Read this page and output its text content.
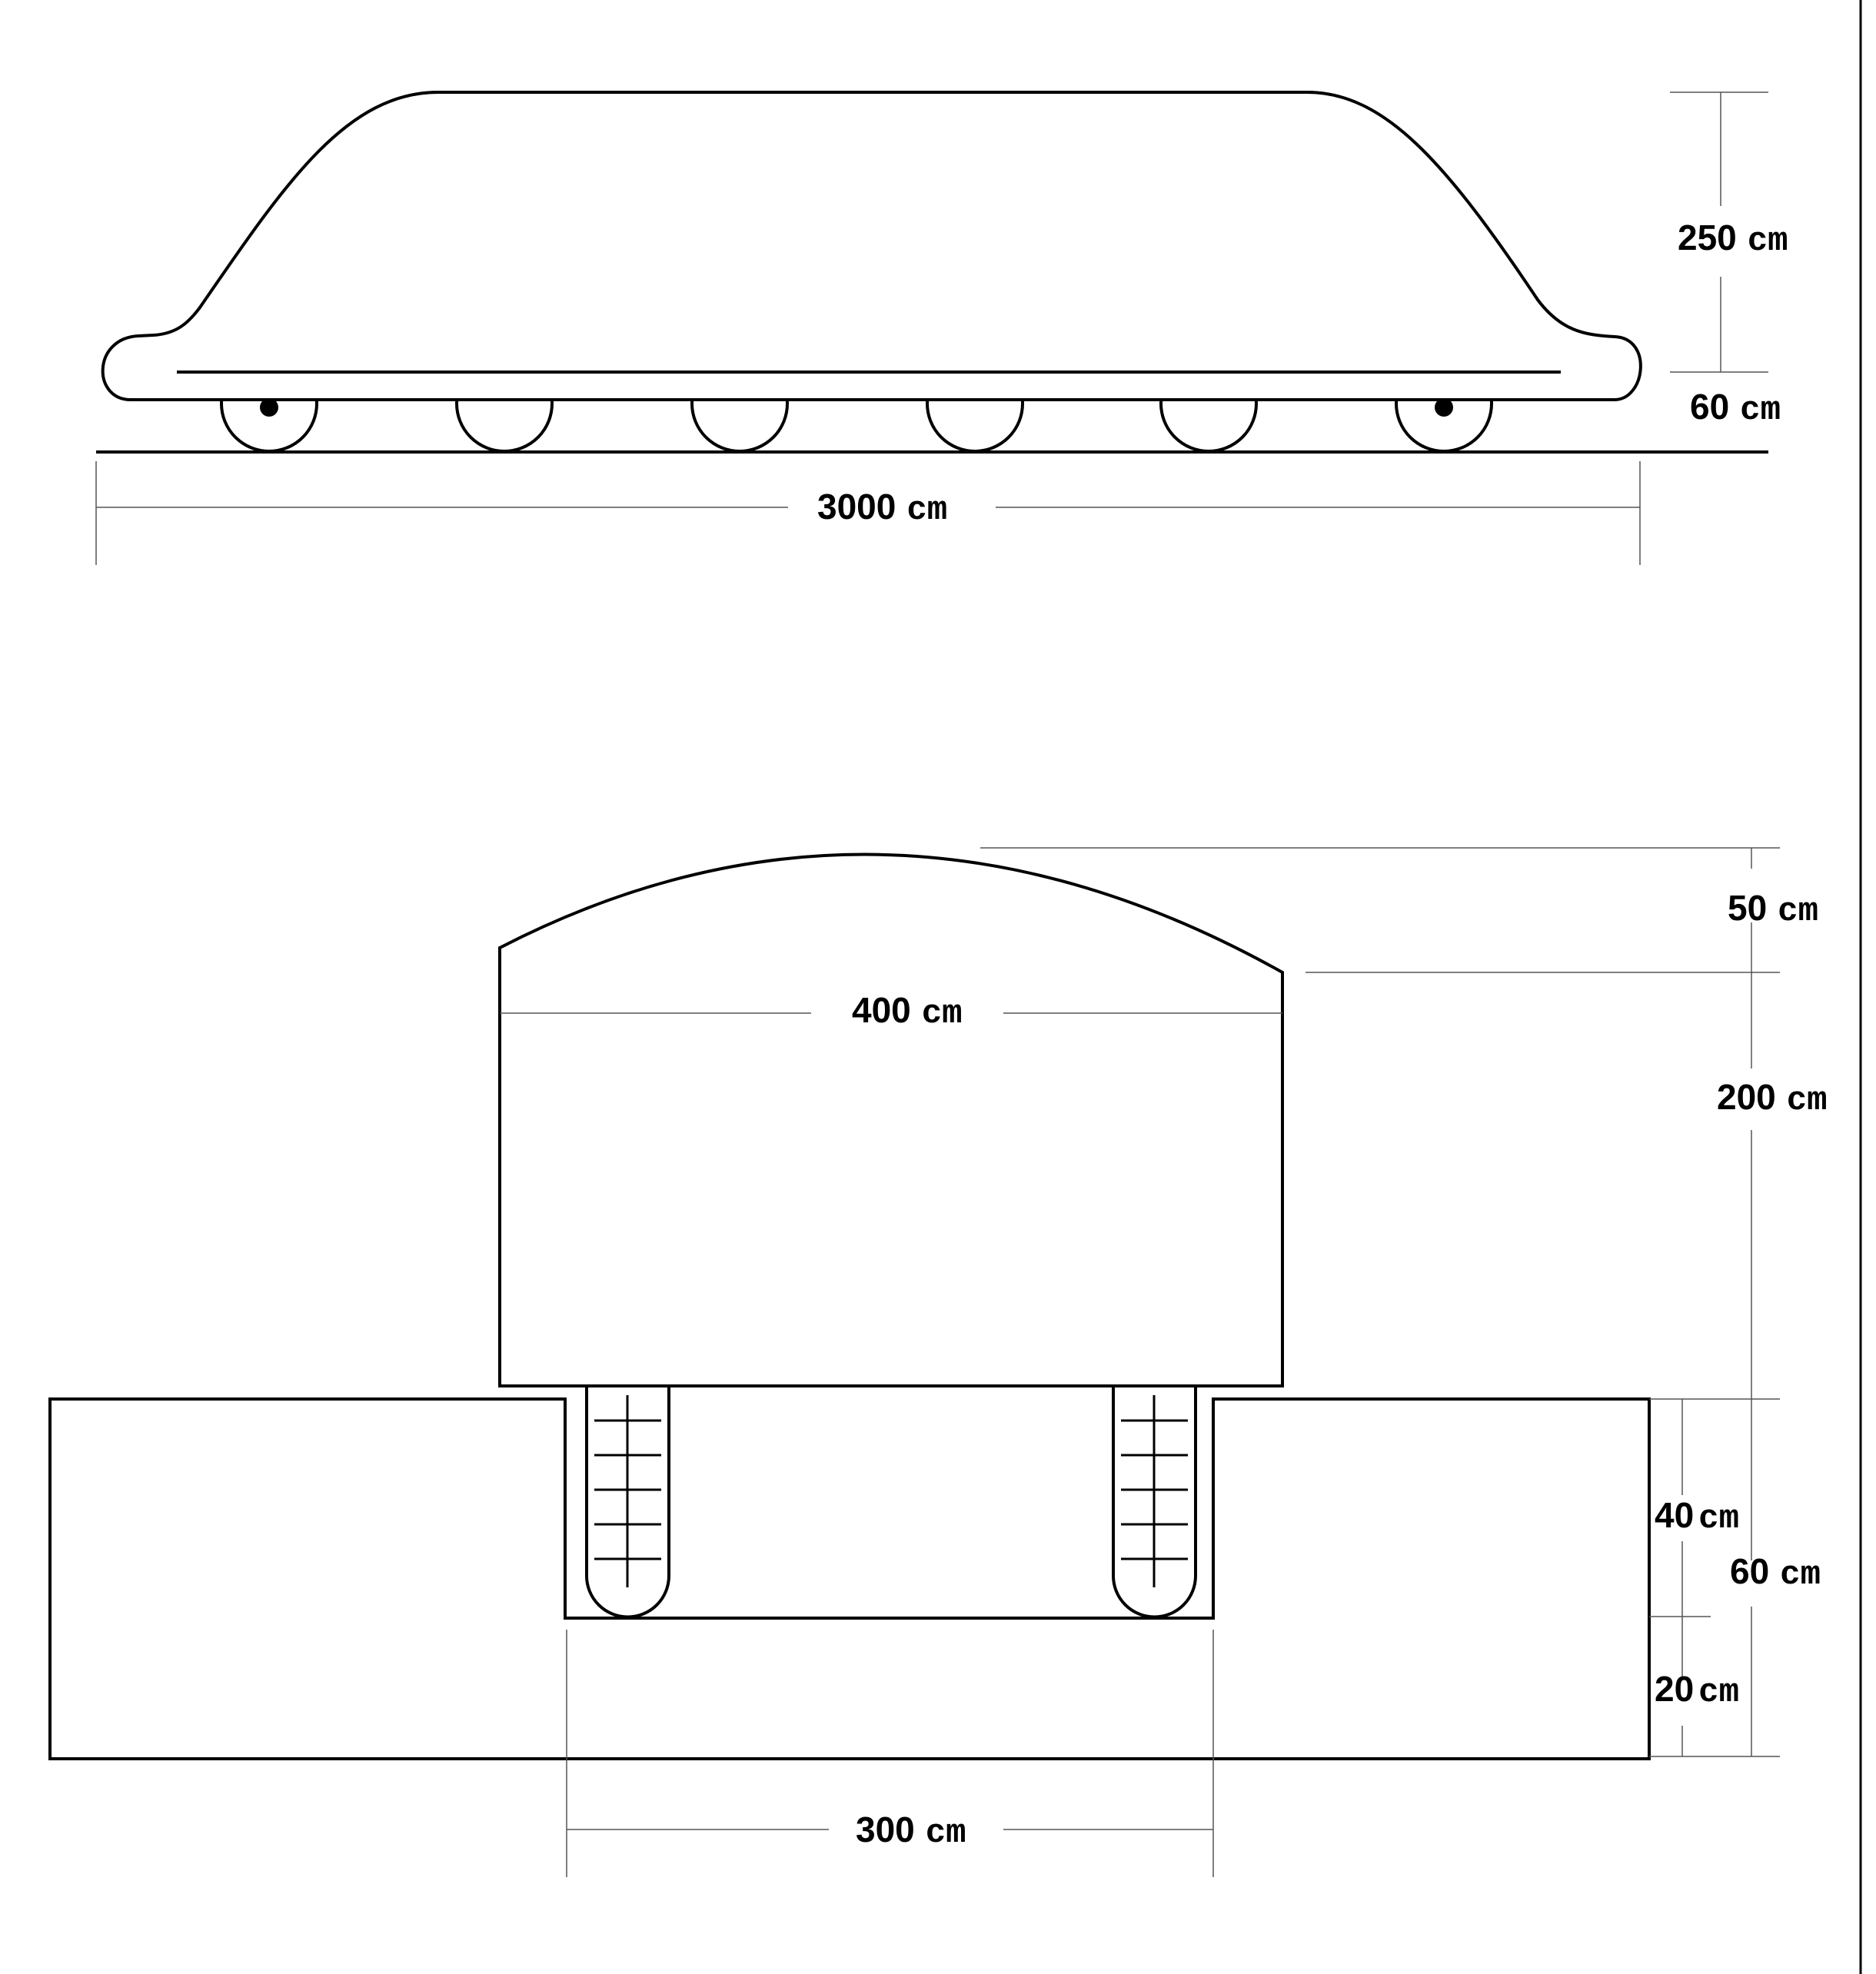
250 cm
60 cm
3000 cm
400 cm
50 cm
200 cm
40 cm
60 cm
20 cm
300 cm
